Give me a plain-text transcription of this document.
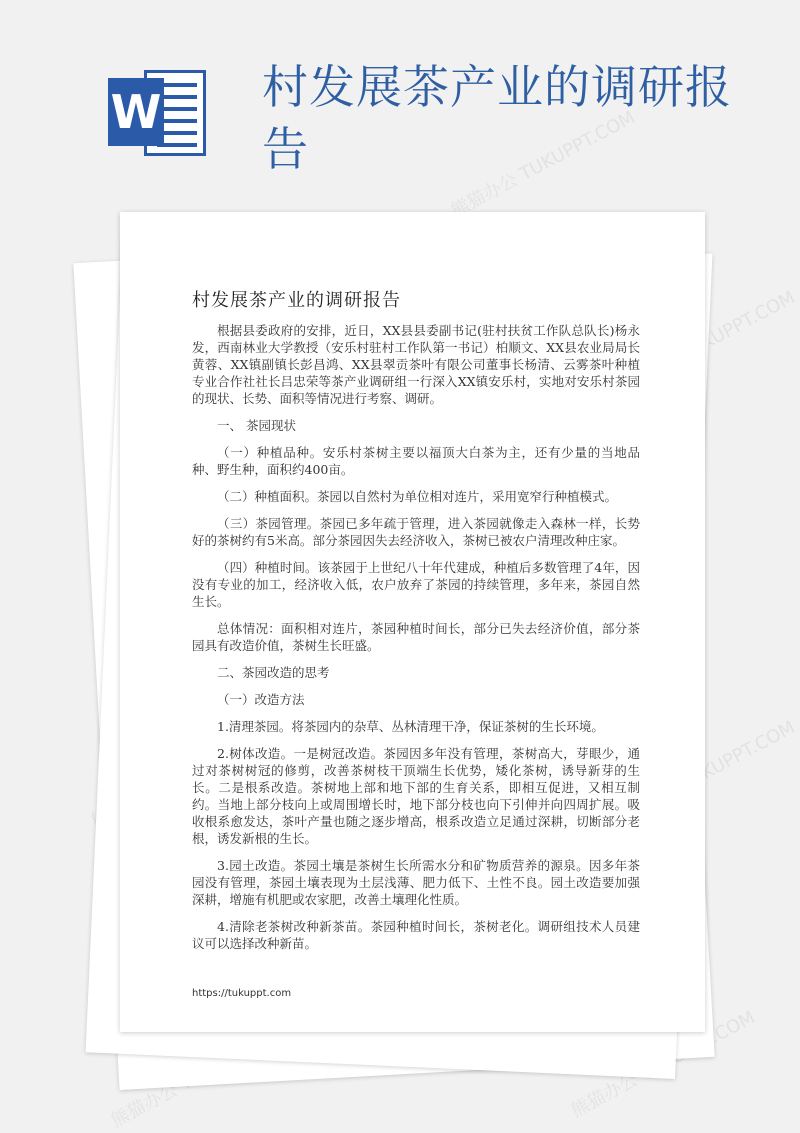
W 村发展茶产业的调研报告	熊猫办公 TUKUPPT.COM
TUKUPPT.COM
TUKUPPT.COM
熊猫办公
村发展茶产业的调研报告

根据县委政府的安排，近日，XX县县委副书记(驻村扶贫工作队总队长)杨永发，西南林业大学教授（安乐村驻村工作队第一书记）柏顺文、XX县农业局局长黄蓉、XX镇副镇长彭昌鸿、XX县翠贡茶叶有限公司董事长杨清、云雾茶叶种植专业合作社社长吕忠荣等茶产业调研组一行深入XX镇安乐村，实地对安乐村茶园的现状、长势、面积等情况进行考察、调研。

一、 茶园现状

（一）种植品种。安乐村茶树主要以福顶大白茶为主，还有少量的当地品种、野生种，面积约400亩。

（二）种植面积。茶园以自然村为单位相对连片，采用宽窄行种植模式。

（三）茶园管理。茶园已多年疏于管理，进入茶园就像走入森林一样，长势好的茶树约有5米高。部分茶园因失去经济收入，茶树已被农户清理改种庄家。

（四）种植时间。该茶园于上世纪八十年代建成，种植后多数管理了4年，因没有专业的加工，经济收入低，农户放弃了茶园的持续管理，多年来，茶园自然生长。

总体情况：面积相对连片，茶园种植时间长，部分已失去经济价值，部分茶园具有改造价值，茶树生长旺盛。

二、茶园改造的思考

（一）改造方法

1.清理茶园。将茶园内的杂草、丛林清理干净，保证茶树的生长环境。

2.树体改造。一是树冠改造。茶园因多年没有管理，茶树高大，芽眼少，通过对茶树树冠的修剪，改善茶树枝干顶端生长优势，矮化茶树，诱导新芽的生长。二是根系改造。茶树地上部和地下部的生育关系，即相互促进，又相互制约。当地上部分枝向上或周围增长时，地下部分枝也向下引伸并向四周扩展。吸收根系愈发达，茶叶产量也随之逐步增高，根系改造立足通过深耕，切断部分老根，诱发新根的生长。

3.园土改造。茶园土壤是茶树生长所需水分和矿物质营养的源泉。因多年茶园没有管理，茶园土壤表现为土层浅薄、肥力低下、土性不良。园土改造要加强深耕，增施有机肥或农家肥，改善土壤理化性质。

4.清除老茶树改种新茶苗。茶园种植时间长，茶树老化。调研组技术人员建议可以选择改种新苗。

https://tukuppt.com
